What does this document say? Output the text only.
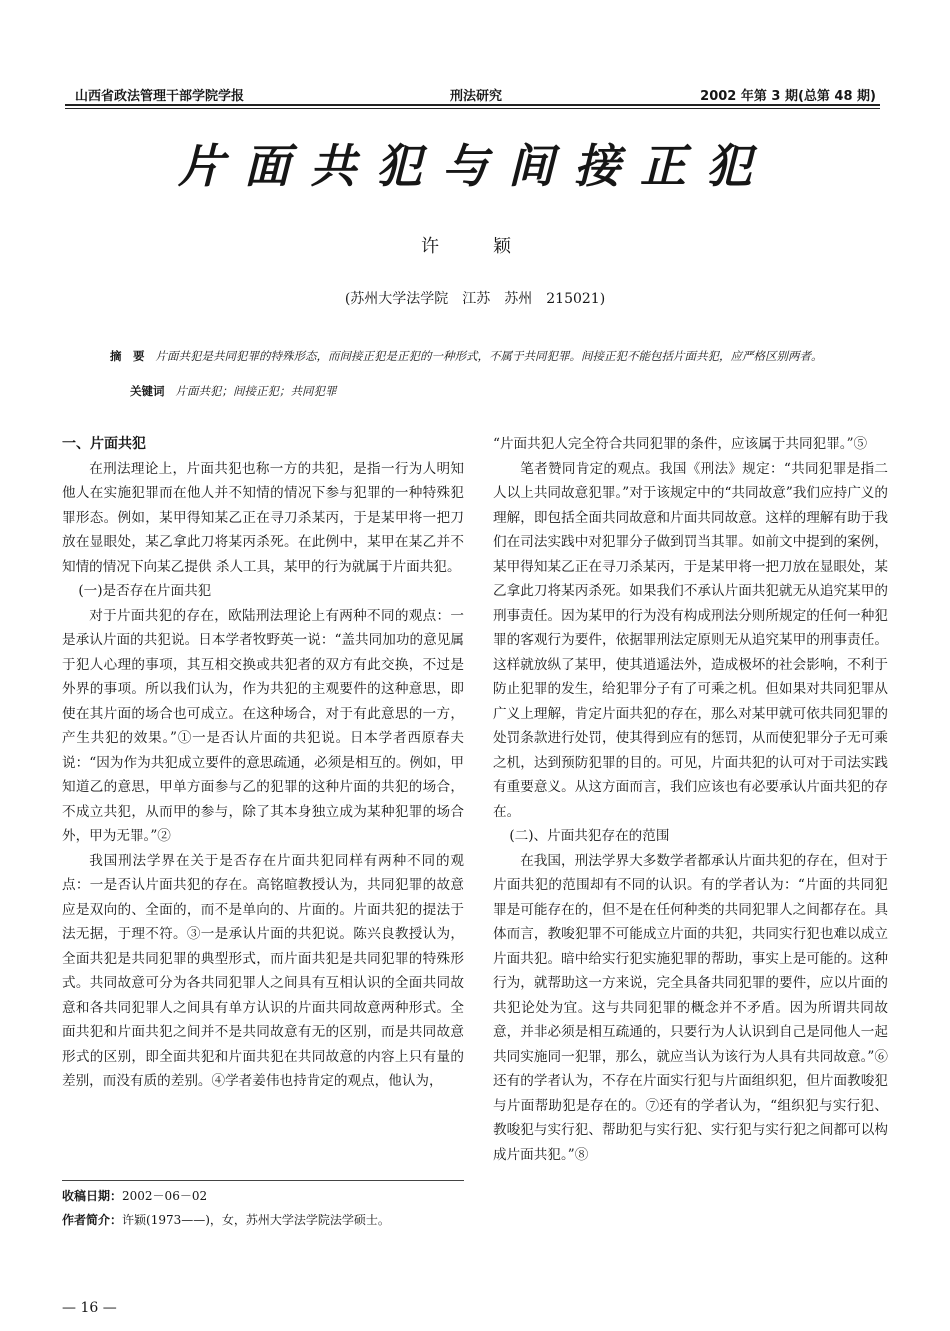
山西省政法管理干部学院学报	刑法研究	2002 年第 3 期(总第 48 期)
片面共犯与间接正犯
许　颖
(苏州大学法学院　江苏　苏州　215021)
摘　要 片面共犯是共同犯罪的特殊形态，而间接正犯是正犯的一种形式，不属于共同犯罪。间接正犯不能包括片面共犯，应严格区别两者。
关键词 片面共犯；间接正犯；共同犯罪

一、片面共犯

在刑法理论上，片面共犯也称一方的共犯，是指一行为人明知他人在实施犯罪而在他人并不知情的情况下参与犯罪的一种特殊犯罪形态。例如，某甲得知某乙正在寻刀杀某丙，于是某甲将一把刀放在显眼处，某乙拿此刀将某丙杀死。在此例中，某甲在某乙并不知情的情况下向某乙提供 杀人工具，某甲的行为就属于片面共犯。

(一)是否存在片面共犯

对于片面共犯的存在，欧陆刑法理论上有两种不同的观点：一是承认片面的共犯说。日本学者牧野英一说：“盖共同加功的意见属于犯人心理的事项，其互相交换或共犯者的双方有此交换，不过是外界的事项。所以我们认为，作为共犯的主观要件的这种意思，即使在其片面的场合也可成立。在这种场合，对于有此意思的一方，产生共犯的效果。”①一是否认片面的共犯说。日本学者西原春夫说：“因为作为共犯成立要件的意思疏通，必须是相互的。例如，甲知道乙的意思，甲单方面参与乙的犯罪的这种片面的共犯的场合，不成立共犯，从而甲的参与，除了其本身独立成为某种犯罪的场合外，甲为无罪。”②

我国刑法学界在关于是否存在片面共犯同样有两种不同的观点：一是否认片面共犯的存在。高铭暄教授认为，共同犯罪的故意应是双向的、全面的，而不是单向的、片面的。片面共犯的提法于法无据，于理不符。③一是承认片面的共犯说。陈兴良教授认为，全面共犯是共同犯罪的典型形式，而片面共犯是共同犯罪的特殊形式。共同故意可分为各共同犯罪人之间具有互相认识的全面共同故意和各共同犯罪人之间具有单方认识的片面共同故意两种形式。全面共犯和片面共犯之间并不是共同故意有无的区别，而是共同故意形式的区别，即全面共犯和片面共犯在共同故意的内容上只有量的差别，而没有质的差别。④学者姜伟也持肯定的观点，他认为，

“片面共犯人完全符合共同犯罪的条件，应该属于共同犯罪。”⑤

笔者赞同肯定的观点。我国《刑法》规定：“共同犯罪是指二人以上共同故意犯罪。”对于该规定中的“共同故意”我们应持广义的理解，即包括全面共同故意和片面共同故意。这样的理解有助于我们在司法实践中对犯罪分子做到罚当其罪。如前文中提到的案例，某甲得知某乙正在寻刀杀某丙，于是某甲将一把刀放在显眼处，某乙拿此刀将某丙杀死。如果我们不承认片面共犯就无从追究某甲的刑事责任。因为某甲的行为没有构成刑法分则所规定的任何一种犯罪的客观行为要件，依据罪刑法定原则无从追究某甲的刑事责任。这样就放纵了某甲，使其逍遥法外，造成极坏的社会影响，不利于防止犯罪的发生，给犯罪分子有了可乘之机。但如果对共同犯罪从广义上理解，肯定片面共犯的存在，那么对某甲就可依共同犯罪的处罚条款进行处罚，使其得到应有的惩罚，从而使犯罪分子无可乘之机，达到预防犯罪的目的。可见，片面共犯的认可对于司法实践有重要意义。从这方面而言，我们应该也有必要承认片面共犯的存在。

(二)、片面共犯存在的范围

在我国，刑法学界大多数学者都承认片面共犯的存在，但对于片面共犯的范围却有不同的认识。有的学者认为：“片面的共同犯罪是可能存在的，但不是在任何种类的共同犯罪人之间都存在。具体而言，教唆犯罪不可能成立片面的共犯，共同实行犯也难以成立片面共犯。暗中给实行犯实施犯罪的帮助，事实上是可能的。这种行为，就帮助这一方来说，完全具备共同犯罪的要件，应以片面的共犯论处为宜。这与共同犯罪的概念并不矛盾。因为所谓共同故意，并非必须是相互疏通的，只要行为人认识到自己是同他人一起共同实施同一犯罪，那么，就应当认为该行为人具有共同故意。”⑥还有的学者认为，不存在片面实行犯与片面组织犯，但片面教唆犯与片面帮助犯是存在的。⑦还有的学者认为，“组织犯与实行犯、教唆犯与实行犯、帮助犯与实行犯、实行犯与实行犯之间都可以构成片面共犯。”⑧

收稿日期：2002－06－02
作者简介：许颖(1973——)，女，苏州大学法学院法学硕士。
— 16 —
